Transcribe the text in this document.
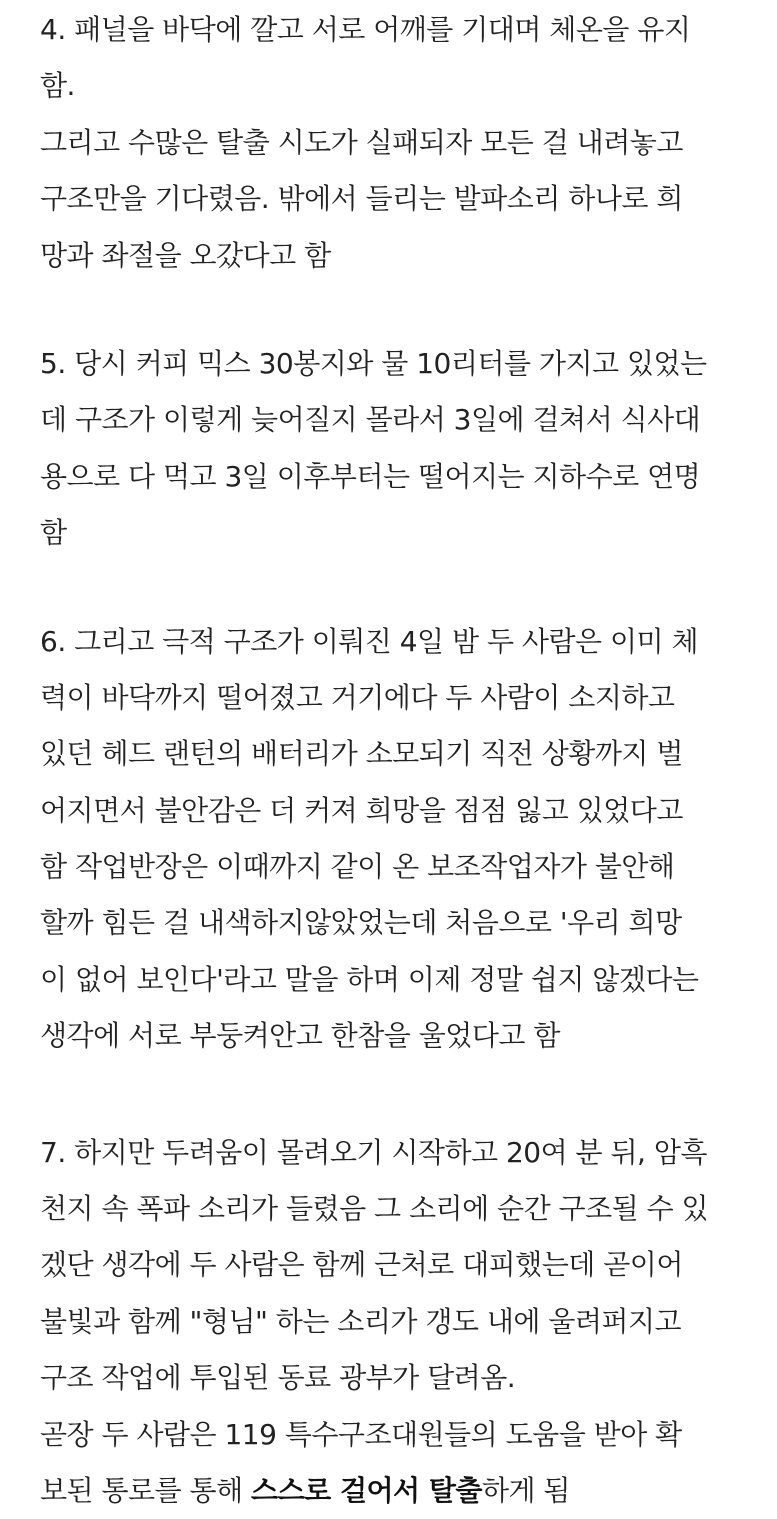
4. 패널을 바닥에 깔고 서로 어깨를 기대며 체온을 유지
함.
그리고 수많은 탈출 시도가 실패되자 모든 걸 내려놓고
구조만을 기다렸음. 밖에서 들리는 발파소리 하나로 희
망과 좌절을 오갔다고 함
5. 당시 커피 믹스 30봉지와 물 10리터를 가지고 있었는
데 구조가 이렇게 늦어질지 몰라서 3일에 걸쳐서 식사대
용으로 다 먹고 3일 이후부터는 떨어지는 지하수로 연명
함
6. 그리고 극적 구조가 이뤄진 4일 밤 두 사람은 이미 체
력이 바닥까지 떨어졌고 거기에다 두 사람이 소지하고
있던 헤드 랜턴의 배터리가 소모되기 직전 상황까지 벌
어지면서 불안감은 더 커져 희망을 점점 잃고 있었다고
함 작업반장은 이때까지 같이 온 보조작업자가 불안해
할까 힘든 걸 내색하지않았었는데 처음으로 '우리 희망
이 없어 보인다'라고 말을 하며 이제 정말 쉽지 않겠다는
생각에 서로 부둥켜안고 한참을 울었다고 함
7. 하지만 두려움이 몰려오기 시작하고 20여 분 뒤, 암흑
천지 속 폭파 소리가 들렸음 그 소리에 순간 구조될 수 있
겠단 생각에 두 사람은 함께 근처로 대피했는데 곧이어
불빛과 함께 "형님" 하는 소리가 갱도 내에 울려퍼지고
구조 작업에 투입된 동료 광부가 달려옴.
곧장 두 사람은 119 특수구조대원들의 도움을 받아 확
보된 통로를 통해 스스로 걸어서 탈출하게 됨
